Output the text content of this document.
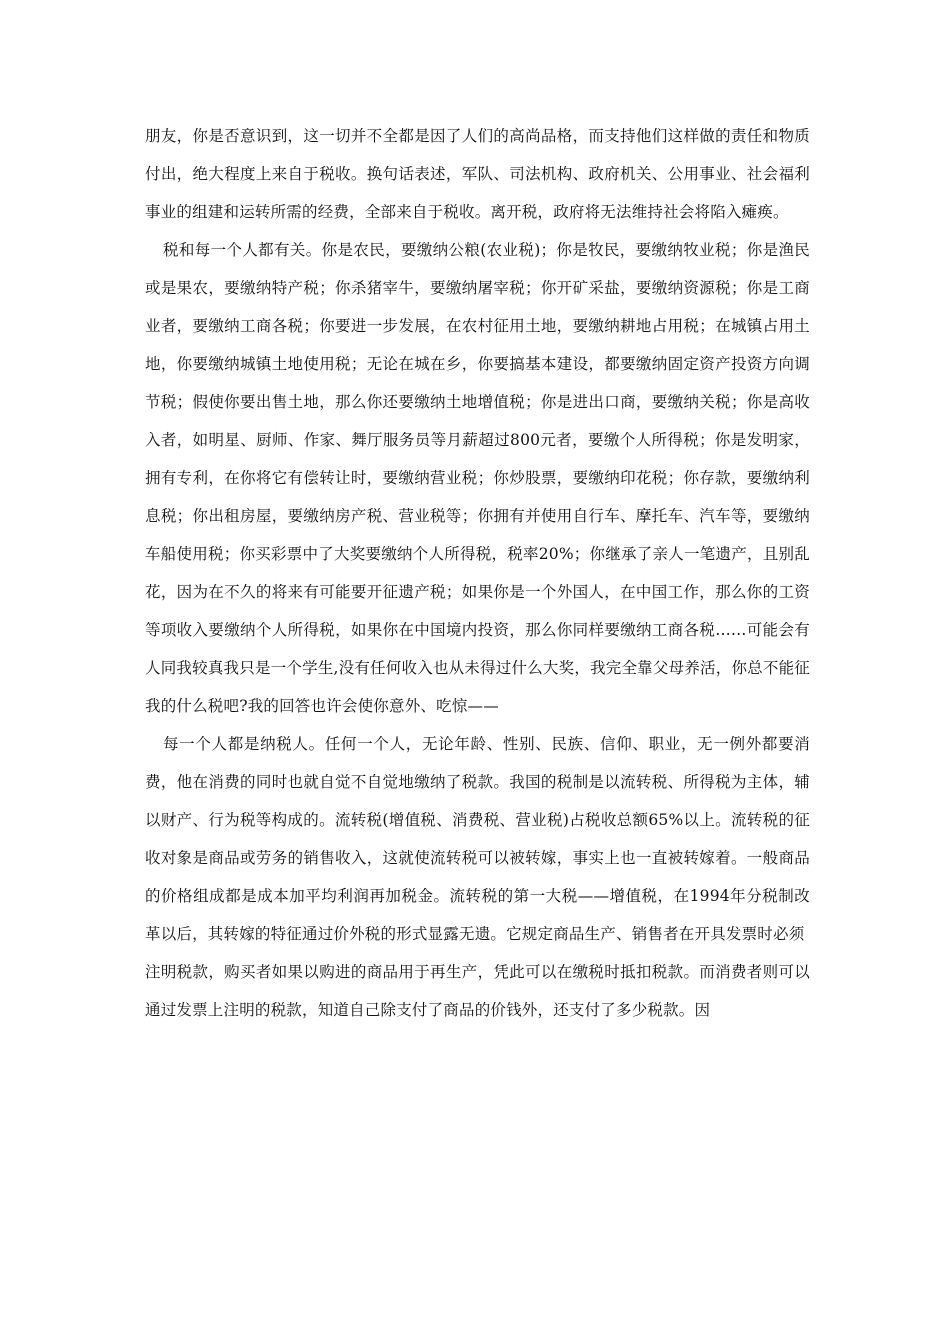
朋友，你是否意识到，这一切并不全都是因了人们的高尚品格，而支持他们这样做的责任和物质付出，绝大程度上来自于税收。换句话表述，军队、司法机构、政府机关、公用事业、社会福利事业的组建和运转所需的经费，全部来自于税收。离开税，政府将无法维持社会将陷入瘫痪。

税和每一个人都有关。你是农民，要缴纳公粮(农业税)；你是牧民，要缴纳牧业税；你是渔民或是果农，要缴纳特产税；你杀猪宰牛，要缴纳屠宰税；你开矿采盐，要缴纳资源税；你是工商业者，要缴纳工商各税；你要进一步发展，在农村征用土地，要缴纳耕地占用税；在城镇占用土地，你要缴纳城镇土地使用税；无论在城在乡，你要搞基本建设，都要缴纳固定资产投资方向调节税；假使你要出售土地，那么你还要缴纳土地增值税；你是进出口商，要缴纳关税；你是高收入者，如明星、厨师、作家、舞厅服务员等月薪超过800元者，要缴个人所得税；你是发明家，拥有专利，在你将它有偿转让时，要缴纳营业税；你炒股票，要缴纳印花税；你存款，要缴纳利息税；你出租房屋，要缴纳房产税、营业税等；你拥有并使用自行车、摩托车、汽车等，要缴纳车船使用税；你买彩票中了大奖要缴纳个人所得税，税率20%；你继承了亲人一笔遗产，且别乱花，因为在不久的将来有可能要开征遗产税；如果你是一个外国人，在中国工作，那么你的工资等项收入要缴纳个人所得税，如果你在中国境内投资，那么你同样要缴纳工商各税……可能会有人同我较真我只是一个学生,没有任何收入也从未得过什么大奖，我完全靠父母养活，你总不能征我的什么税吧?我的回答也许会使你意外、吃惊——

每一个人都是纳税人。任何一个人，无论年龄、性别、民族、信仰、职业，无一例外都要消费，他在消费的同时也就自觉不自觉地缴纳了税款。我国的税制是以流转税、所得税为主体，辅以财产、行为税等构成的。流转税(增值税、消费税、营业税)占税收总额65%以上。流转税的征收对象是商品或劳务的销售收入，这就使流转税可以被转嫁，事实上也一直被转嫁着。一般商品的价格组成都是成本加平均利润再加税金。流转税的第一大税——增值税，在1994年分税制改革以后，其转嫁的特征通过价外税的形式显露无遗。它规定商品生产、销售者在开具发票时必须

注明税款，购买者如果以购进的商品用于再生产，凭此可以在缴税时抵扣税款。而消费者则可以通过发票上注明的税款，知道自己除支付了商品的价钱外，还支付了多少税款。因
